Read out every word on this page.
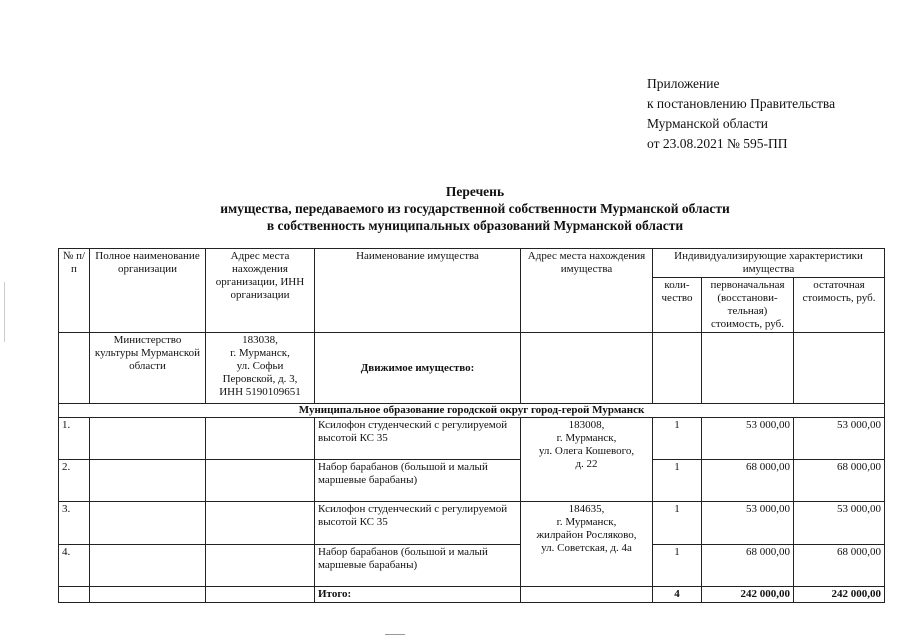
Приложение
к постановлению Правительства
Мурманской области
от 23.08.2021 № 595-ПП
Перечень
имущества, передаваемого из государственной собственности Мурманской области
в собственность муниципальных образований Мурманской области
№ п/п	Полное наименование организации	Адрес места нахождения организации, ИНН организации	Наименование имущества	Адрес места нахождения имущества	Индивидуализирующие характеристики имущества		
					коли-чество	первоначальная (восстанови-тельная) стоимость, руб.	остаточная стоимость, руб.
	Министерство культуры Мурманской области	183038,
г. Мурманск,
ул. Софьи
Перовской, д. 3,
ИНН 5190109651	Движимое имущество:				
Муниципальное образование городской округ город-герой Мурманск							
1.			Ксилофон студенческий с регулируемой высотой КС 35	183008,
г. Мурманск,
ул. Олега Кошевого,
д. 22	1	53 000,00	53 000,00
2.			Набор барабанов (большой и малый маршевые барабаны)		1	68 000,00	68 000,00
3.			Ксилофон студенческий с регулируемой высотой КС 35	184635,
г. Мурманск,
жилрайон Росляково,
ул. Советская, д. 4а	1	53 000,00	53 000,00
4.			Набор барабанов (большой и малый маршевые барабаны)		1	68 000,00	68 000,00
			Итого:		4	242 000,00	242 000,00
